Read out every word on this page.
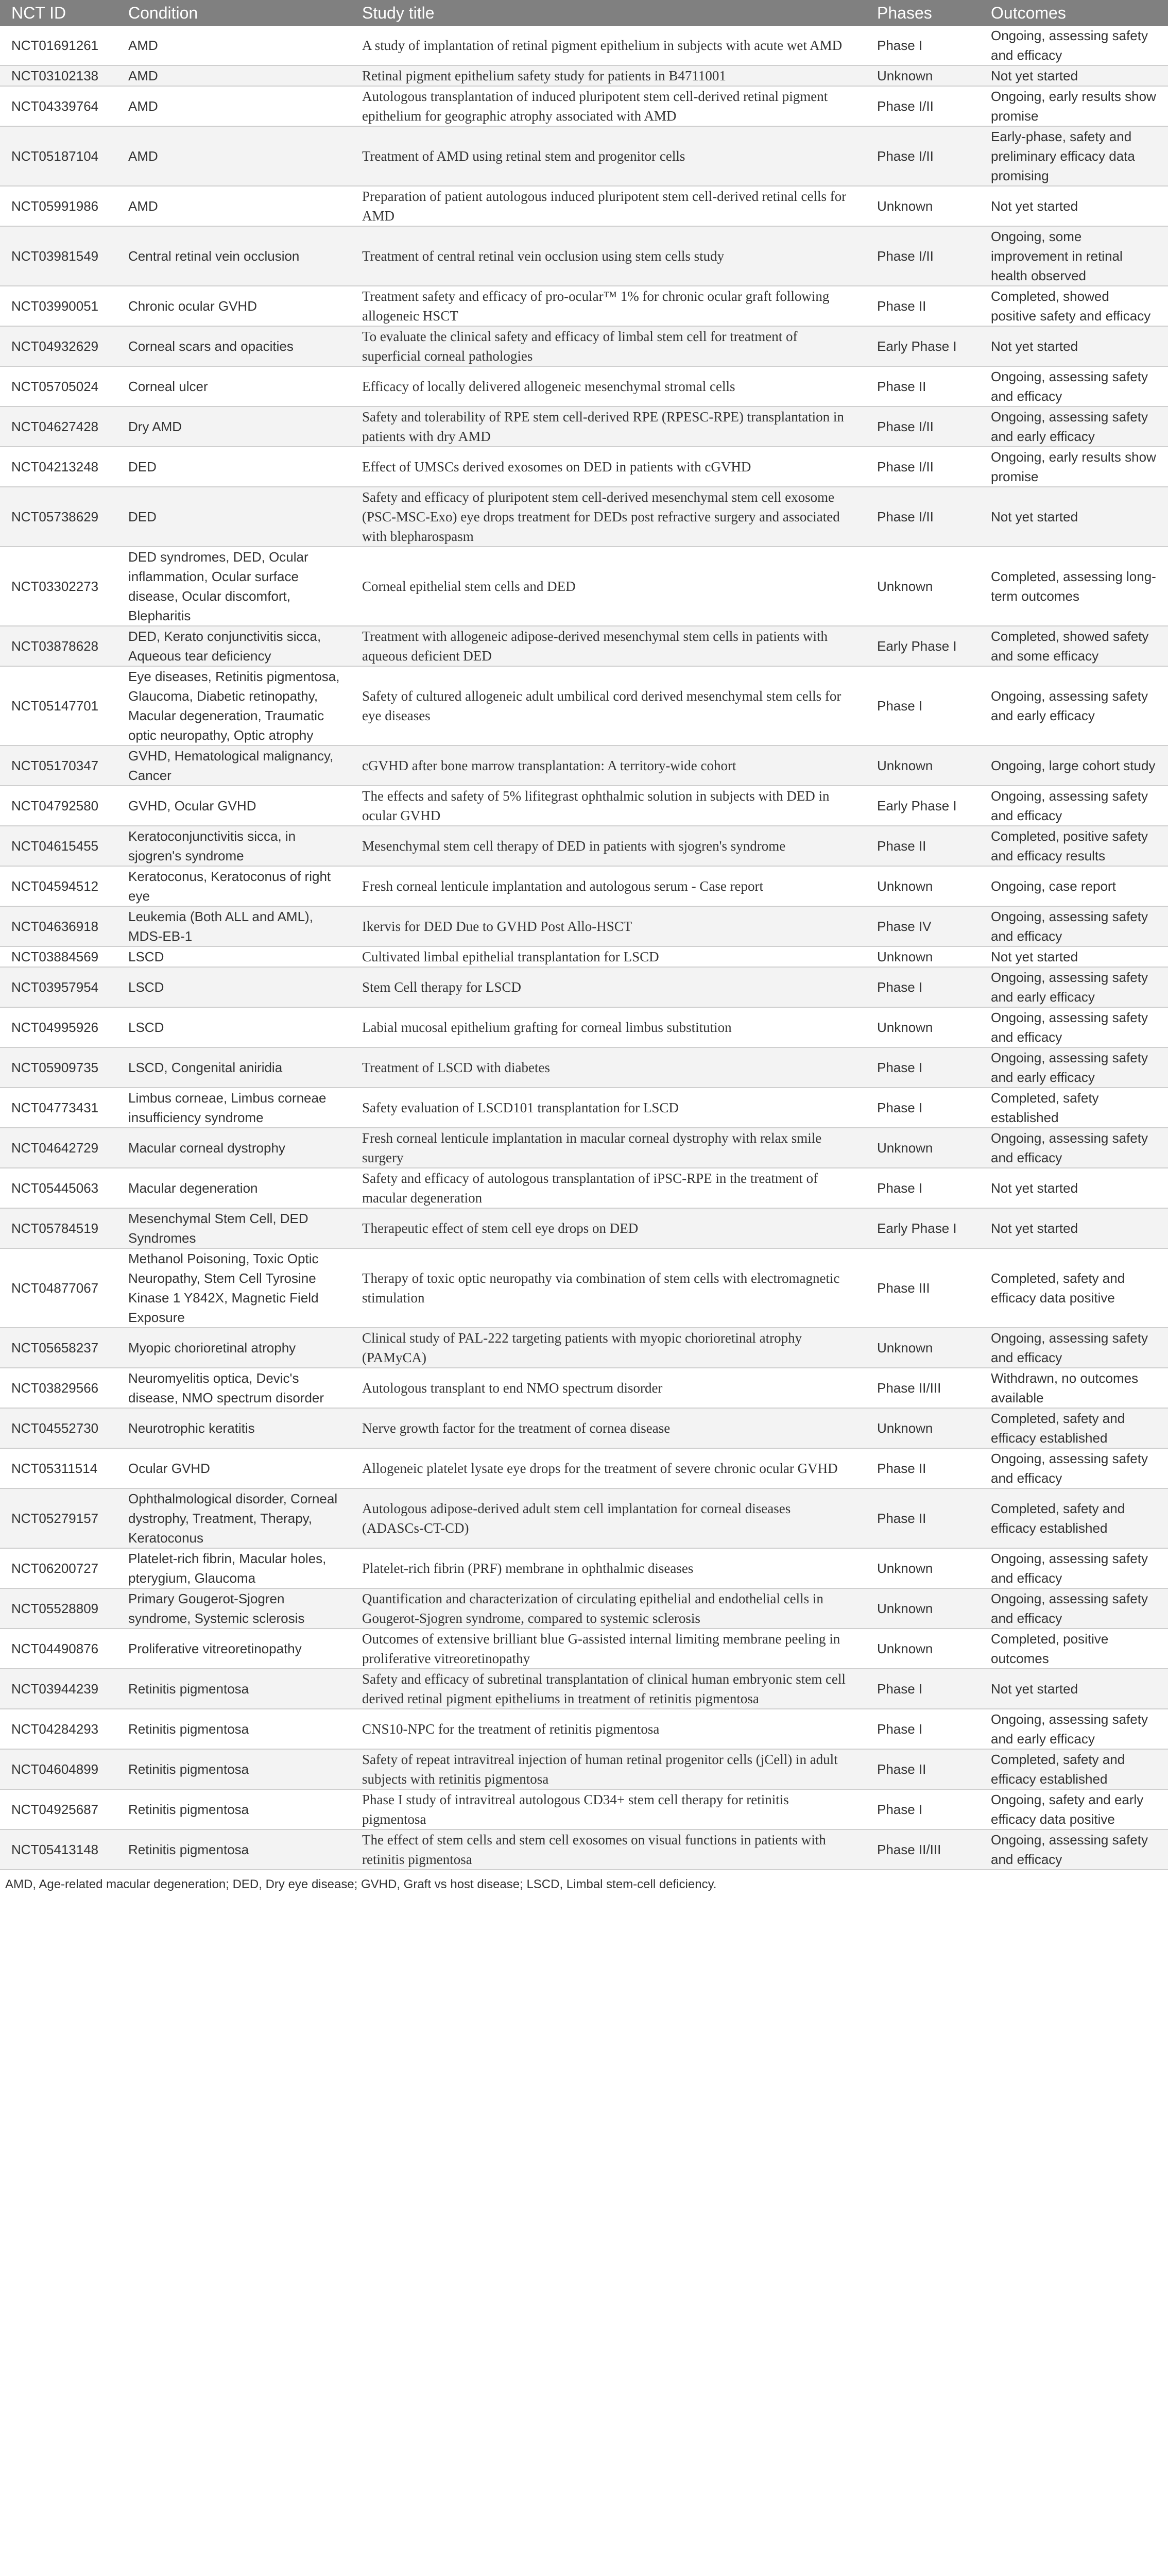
NCT ID	Condition	Study title	Phases	Outcomes
NCT01691261	AMD	A study of implantation of retinal pigment epithelium in subjects with acute wet AMD	Phase I	Ongoing, assessing safety and efficacy
NCT03102138	AMD	Retinal pigment epithelium safety study for patients in B4711001	Unknown	Not yet started
NCT04339764	AMD	Autologous transplantation of induced pluripotent stem cell-derived retinal pigment epithelium for geographic atrophy associated with AMD	Phase I/II	Ongoing, early results show promise
NCT05187104	AMD	Treatment of AMD using retinal stem and progenitor cells	Phase I/II	Early-phase, safety and preliminary efficacy data promising
NCT05991986	AMD	Preparation of patient autologous induced pluripotent stem cell-derived retinal cells for AMD	Unknown	Not yet started
NCT03981549	Central retinal vein occlusion	Treatment of central retinal vein occlusion using stem cells study	Phase I/II	Ongoing, some improvement in retinal health observed
NCT03990051	Chronic ocular GVHD	Treatment safety and efficacy of pro-ocular™ 1% for chronic ocular graft following allogeneic HSCT	Phase II	Completed, showed positive safety and efficacy
NCT04932629	Corneal scars and opacities	To evaluate the clinical safety and efficacy of limbal stem cell for treatment of superficial corneal pathologies	Early Phase I	Not yet started
NCT05705024	Corneal ulcer	Efficacy of locally delivered allogeneic mesenchymal stromal cells	Phase II	Ongoing, assessing safety and efficacy
NCT04627428	Dry AMD	Safety and tolerability of RPE stem cell-derived RPE (RPESC-RPE) transplantation in patients with dry AMD	Phase I/II	Ongoing, assessing safety and early efficacy
NCT04213248	DED	Effect of UMSCs derived exosomes on DED in patients with cGVHD	Phase I/II	Ongoing, early results show promise
NCT05738629	DED	Safety and efficacy of pluripotent stem cell-derived mesenchymal stem cell exosome (PSC-MSC-Exo) eye drops treatment for DEDs post refractive surgery and associated with blepharospasm	Phase I/II	Not yet started
NCT03302273	DED syndromes, DED, Ocular inflammation, Ocular surface disease, Ocular discomfort, Blepharitis	Corneal epithelial stem cells and DED	Unknown	Completed, assessing long-term outcomes
NCT03878628	DED, Kerato conjunctivitis sicca, Aqueous tear deficiency	Treatment with allogeneic adipose-derived mesenchymal stem cells in patients with aqueous deficient DED	Early Phase I	Completed, showed safety and some efficacy
NCT05147701	Eye diseases, Retinitis pigmentosa, Glaucoma, Diabetic retinopathy, Macular degeneration, Traumatic optic neuropathy, Optic atrophy	Safety of cultured allogeneic adult umbilical cord derived mesenchymal stem cells for eye diseases	Phase I	Ongoing, assessing safety and early efficacy
NCT05170347	GVHD, Hematological malignancy, Cancer	cGVHD after bone marrow transplantation: A territory-wide cohort	Unknown	Ongoing, large cohort study
NCT04792580	GVHD, Ocular GVHD	The effects and safety of 5% lifitegrast ophthalmic solution in subjects with DED in ocular GVHD	Early Phase I	Ongoing, assessing safety and efficacy
NCT04615455	Keratoconjunctivitis sicca, in sjogren's syndrome	Mesenchymal stem cell therapy of DED in patients with sjogren's syndrome	Phase II	Completed, positive safety and efficacy results
NCT04594512	Keratoconus, Keratoconus of right eye	Fresh corneal lenticule implantation and autologous serum - Case report	Unknown	Ongoing, case report
NCT04636918	Leukemia (Both ALL and AML), MDS-EB-1	Ikervis for DED Due to GVHD Post Allo-HSCT	Phase IV	Ongoing, assessing safety and efficacy
NCT03884569	LSCD	Cultivated limbal epithelial transplantation for LSCD	Unknown	Not yet started
NCT03957954	LSCD	Stem Cell therapy for LSCD	Phase I	Ongoing, assessing safety and early efficacy
NCT04995926	LSCD	Labial mucosal epithelium grafting for corneal limbus substitution	Unknown	Ongoing, assessing safety and efficacy
NCT05909735	LSCD, Congenital aniridia	Treatment of LSCD with diabetes	Phase I	Ongoing, assessing safety and early efficacy
NCT04773431	Limbus corneae, Limbus corneae insufficiency syndrome	Safety evaluation of LSCD101 transplantation for LSCD	Phase I	Completed, safety established
NCT04642729	Macular corneal dystrophy	Fresh corneal lenticule implantation in macular corneal dystrophy with relax smile surgery	Unknown	Ongoing, assessing safety and efficacy
NCT05445063	Macular degeneration	Safety and efficacy of autologous transplantation of iPSC-RPE in the treatment of macular degeneration	Phase I	Not yet started
NCT05784519	Mesenchymal Stem Cell, DED Syndromes	Therapeutic effect of stem cell eye drops on DED	Early Phase I	Not yet started
NCT04877067	Methanol Poisoning, Toxic Optic Neuropathy, Stem Cell Tyrosine Kinase 1 Y842X, Magnetic Field Exposure	Therapy of toxic optic neuropathy via combination of stem cells with electromagnetic stimulation	Phase III	Completed, safety and efficacy data positive
NCT05658237	Myopic chorioretinal atrophy	Clinical study of PAL-222 targeting patients with myopic chorioretinal atrophy (PAMyCA)	Unknown	Ongoing, assessing safety and efficacy
NCT03829566	Neuromyelitis optica, Devic's disease, NMO spectrum disorder	Autologous transplant to end NMO spectrum disorder	Phase II/III	Withdrawn, no outcomes available
NCT04552730	Neurotrophic keratitis	Nerve growth factor for the treatment of cornea disease	Unknown	Completed, safety and efficacy established
NCT05311514	Ocular GVHD	Allogeneic platelet lysate eye drops for the treatment of severe chronic ocular GVHD	Phase II	Ongoing, assessing safety and efficacy
NCT05279157	Ophthalmological disorder, Corneal dystrophy, Treatment, Therapy, Keratoconus	Autologous adipose-derived adult stem cell implantation for corneal diseases (ADASCs-CT-CD)	Phase II	Completed, safety and efficacy established
NCT06200727	Platelet-rich fibrin, Macular holes, pterygium, Glaucoma	Platelet-rich fibrin (PRF) membrane in ophthalmic diseases	Unknown	Ongoing, assessing safety and efficacy
NCT05528809	Primary Gougerot-Sjogren syndrome, Systemic sclerosis	Quantification and characterization of circulating epithelial and endothelial cells in Gougerot-Sjogren syndrome, compared to systemic sclerosis	Unknown	Ongoing, assessing safety and efficacy
NCT04490876	Proliferative vitreoretinopathy	Outcomes of extensive brilliant blue G-assisted internal limiting membrane peeling in proliferative vitreoretinopathy	Unknown	Completed, positive outcomes
NCT03944239	Retinitis pigmentosa	Safety and efficacy of subretinal transplantation of clinical human embryonic stem cell derived retinal pigment epitheliums in treatment of retinitis pigmentosa	Phase I	Not yet started
NCT04284293	Retinitis pigmentosa	CNS10-NPC for the treatment of retinitis pigmentosa	Phase I	Ongoing, assessing safety and early efficacy
NCT04604899	Retinitis pigmentosa	Safety of repeat intravitreal injection of human retinal progenitor cells (jCell) in adult subjects with retinitis pigmentosa	Phase II	Completed, safety and efficacy established
NCT04925687	Retinitis pigmentosa	Phase I study of intravitreal autologous CD34+ stem cell therapy for retinitis pigmentosa	Phase I	Ongoing, safety and early efficacy data positive
NCT05413148	Retinitis pigmentosa	The effect of stem cells and stem cell exosomes on visual functions in patients with retinitis pigmentosa	Phase II/III	Ongoing, assessing safety and efficacy
AMD, Age-related macular degeneration; DED, Dry eye disease; GVHD, Graft vs host disease; LSCD, Limbal stem-cell deficiency.
